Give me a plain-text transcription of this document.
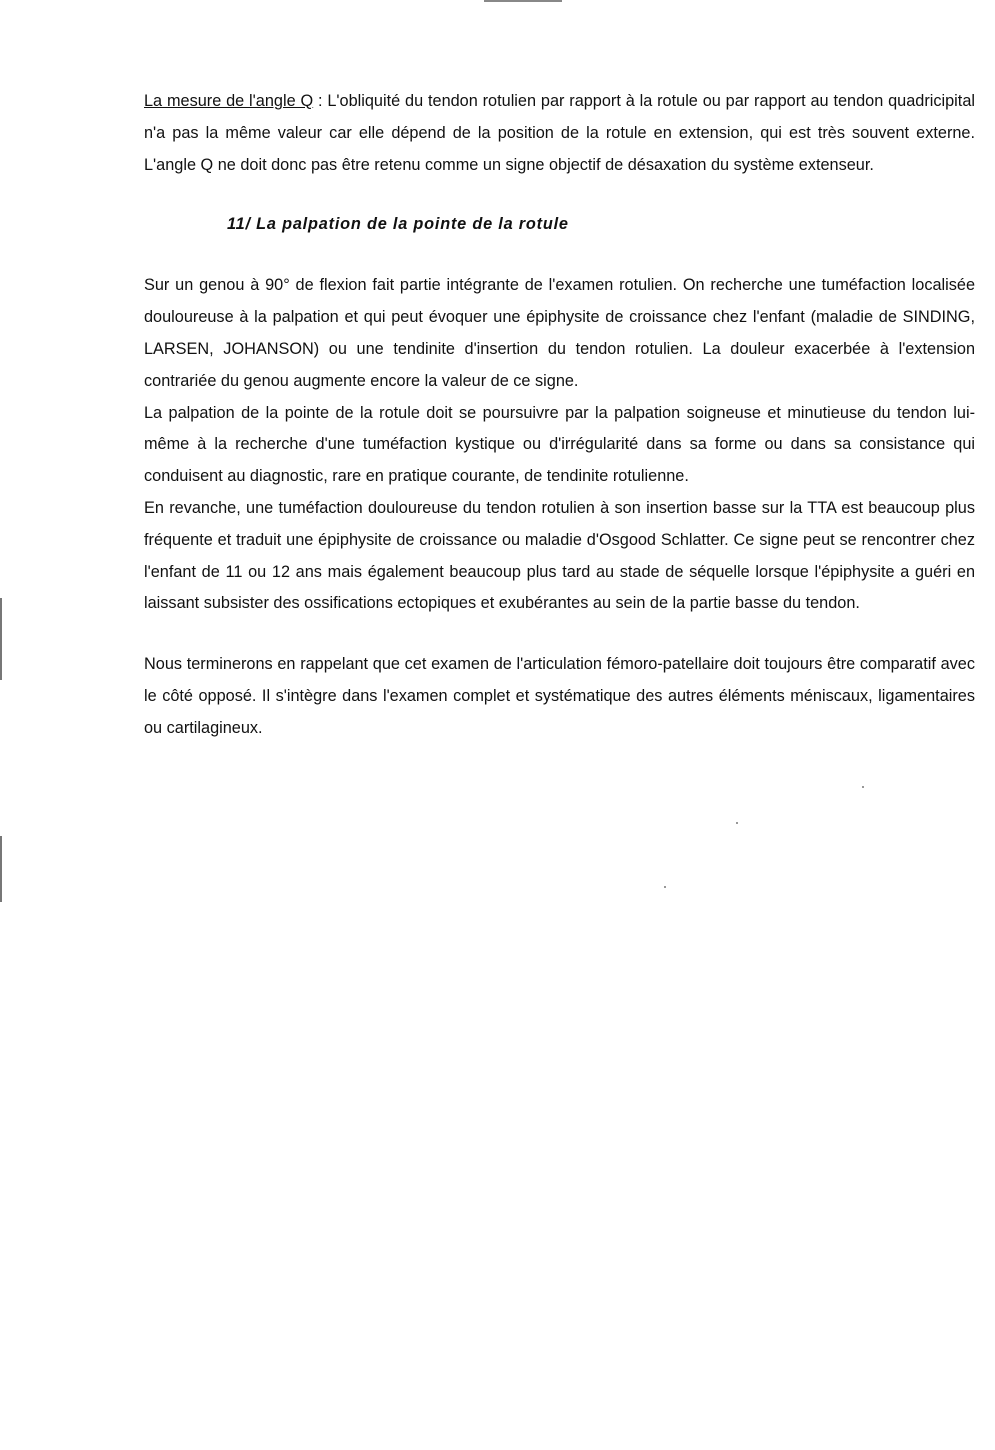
La mesure de l'angle Q : L'obliquité du tendon rotulien par rapport à la rotule ou par rapport au tendon quadricipital n'a pas la même valeur car elle dépend de la position de la rotule en extension, qui est très souvent externe. L'angle Q ne doit donc pas être retenu comme un signe objectif de désaxation du système extenseur.

11/ La palpation de la pointe de la rotule

Sur un genou à 90° de flexion fait partie intégrante de l'examen rotulien. On recherche une tuméfaction localisée douloureuse à la palpation et qui peut évoquer une épiphysite de croissance chez l'enfant (maladie de SINDING, LARSEN, JOHANSON) ou une tendinite d'insertion du tendon rotulien. La douleur exacerbée à l'extension contrariée du genou augmente encore la valeur de ce signe.

La palpation de la pointe de la rotule doit se poursuivre par la palpation soigneuse et minutieuse du tendon lui-même à la recherche d'une tuméfaction kystique ou d'irrégularité dans sa forme ou dans sa consistance qui conduisent au diagnostic, rare en pratique courante, de tendinite rotulienne.

En revanche, une tuméfaction douloureuse du tendon rotulien à son insertion basse sur la TTA est beaucoup plus fréquente et traduit une épiphysite de croissance ou maladie d'Osgood Schlatter. Ce signe peut se rencontrer chez l'enfant de 11 ou 12 ans mais également beaucoup plus tard au stade de séquelle lorsque l'épiphysite a guéri en laissant subsister des ossifications ectopiques et exubérantes au sein de la partie basse du tendon.

Nous terminerons en rappelant que cet examen de l'articulation fémoro-patellaire doit toujours être comparatif avec le côté opposé. Il s'intègre dans l'examen complet et systématique des autres éléments méniscaux, ligamentaires ou cartilagineux.
